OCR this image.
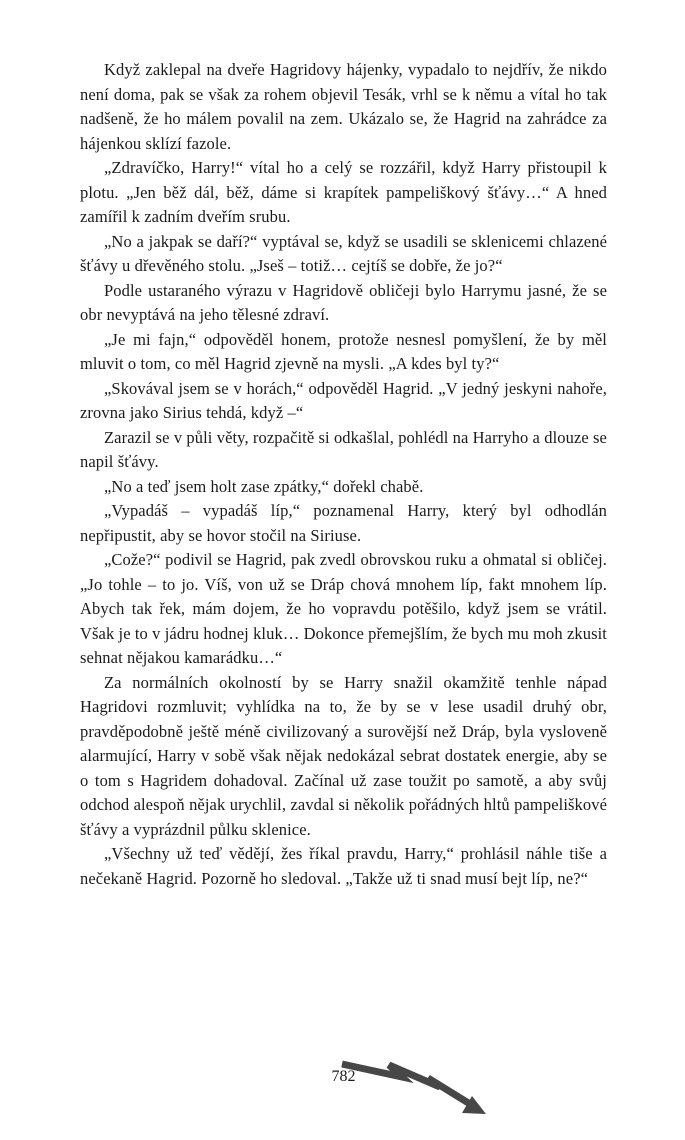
Když zaklepal na dveře Hagridovy hájenky, vypadalo to nejdřív, že nikdo není doma, pak se však za rohem objevil Tesák, vrhl se k němu a vítal ho tak nadšeně, že ho málem povalil na zem. Ukázalo se, že Hagrid na zahrádce za hájenkou sklízí fazole.

„Zdravíčko, Harry!“ vítal ho a celý se rozzářil, když Harry přistoupil k plotu. „Jen běž dál, běž, dáme si krapítek pampeliškový šťávy…“ A hned zamířil k zadním dveřím srubu.

„No a jakpak se daří?“ vyptával se, když se usadili se sklenicemi chlazené šťávy u dřevěného stolu. „Jseš – totiž… cejtíš se dobře, že jo?“

Podle ustaraného výrazu v Hagridově obličeji bylo Harrymu jasné, že se obr nevyptává na jeho tělesné zdraví.

„Je mi fajn,“ odpověděl honem, protože nesnesl pomyšlení, že by měl mluvit o tom, co měl Hagrid zjevně na mysli. „A kdes byl ty?“

„Skovával jsem se v horách,“ odpověděl Hagrid. „V jedný jeskyni nahoře, zrovna jako Sirius tehdá, když –“

Zarazil se v půli věty, rozpačitě si odkašlal, pohlédl na Harryho a dlouze se napil šťávy.

„No a teď jsem holt zase zpátky,“ dořekl chabě.

„Vypadáš – vypadáš líp,“ poznamenal Harry, který byl odhodlán nepřipustit, aby se hovor stočil na Siriuse.

„Cože?“ podivil se Hagrid, pak zvedl obrovskou ruku a ohmatal si obličej. „Jo tohle – to jo. Víš, von už se Dráp chová mnohem líp, fakt mnohem líp. Abych tak řek, mám dojem, že ho vopravdu potěšilo, když jsem se vrátil. Však je to v jádru hodnej kluk… Dokonce přemejšlím, že bych mu moh zkusit sehnat nějakou kamarádku…“

Za normálních okolností by se Harry snažil okamžitě tenhle nápad Hagridovi rozmluvit; vyhlídka na to, že by se v lese usadil druhý obr, pravděpodobně ještě méně civilizovaný a surovější než Dráp, byla vysloveně alarmující, Harry v sobě však nějak nedokázal sebrat dostatek energie, aby se o tom s Hagridem dohadoval. Začínal už zase toužit po samotě, a aby svůj odchod alespoň nějak urychlil, zavdal si několik pořádných hltů pampeliškové šťávy a vyprázdnil půlku sklenice.

„Všechny už teď vědějí, žes říkal pravdu, Harry,“ prohlásil náhle tiše a nečekaně Hagrid. Pozorně ho sledoval. „Takže už ti snad musí bejt líp, ne?“

782
